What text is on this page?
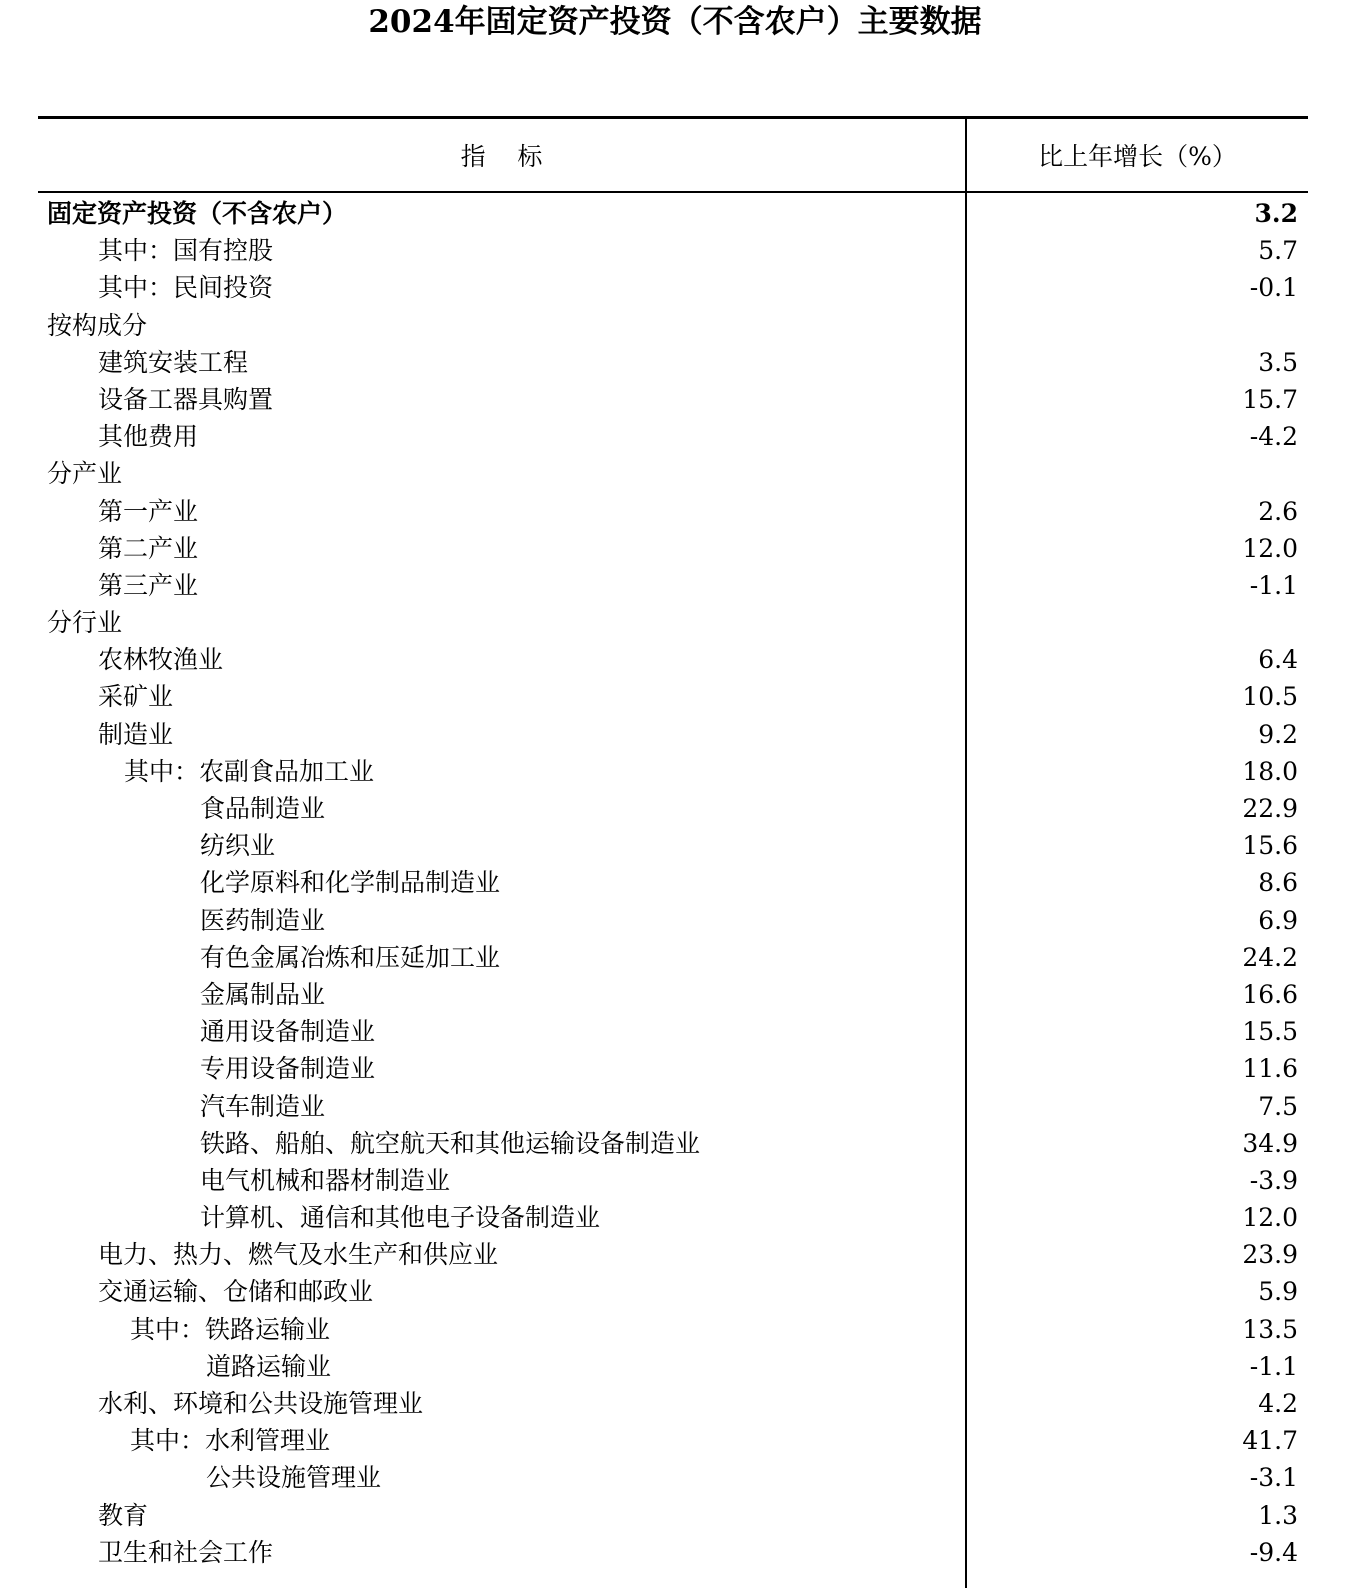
2024年固定资产投资（不含农户）主要数据
指    标	比上年增长（%）
固定资产投资（不含农户）	3.2
其中：国有控股	5.7
其中：民间投资	-0.1
按构成分
建筑安装工程	3.5
设备工器具购置	15.7
其他费用	-4.2
分产业
第一产业	2.6
第二产业	12.0
第三产业	-1.1
分行业
农林牧渔业	6.4
采矿业	10.5
制造业	9.2
其中：农副食品加工业	18.0
食品制造业	22.9
纺织业	15.6
化学原料和化学制品制造业	8.6
医药制造业	6.9
有色金属冶炼和压延加工业	24.2
金属制品业	16.6
通用设备制造业	15.5
专用设备制造业	11.6
汽车制造业	7.5
铁路、船舶、航空航天和其他运输设备制造业	34.9
电气机械和器材制造业	-3.9
计算机、通信和其他电子设备制造业	12.0
电力、热力、燃气及水生产和供应业	23.9
交通运输、仓储和邮政业	5.9
其中：铁路运输业	13.5
道路运输业	-1.1
水利、环境和公共设施管理业	4.2
其中：水利管理业	41.7
公共设施管理业	-3.1
教育	1.3
卫生和社会工作	-9.4
